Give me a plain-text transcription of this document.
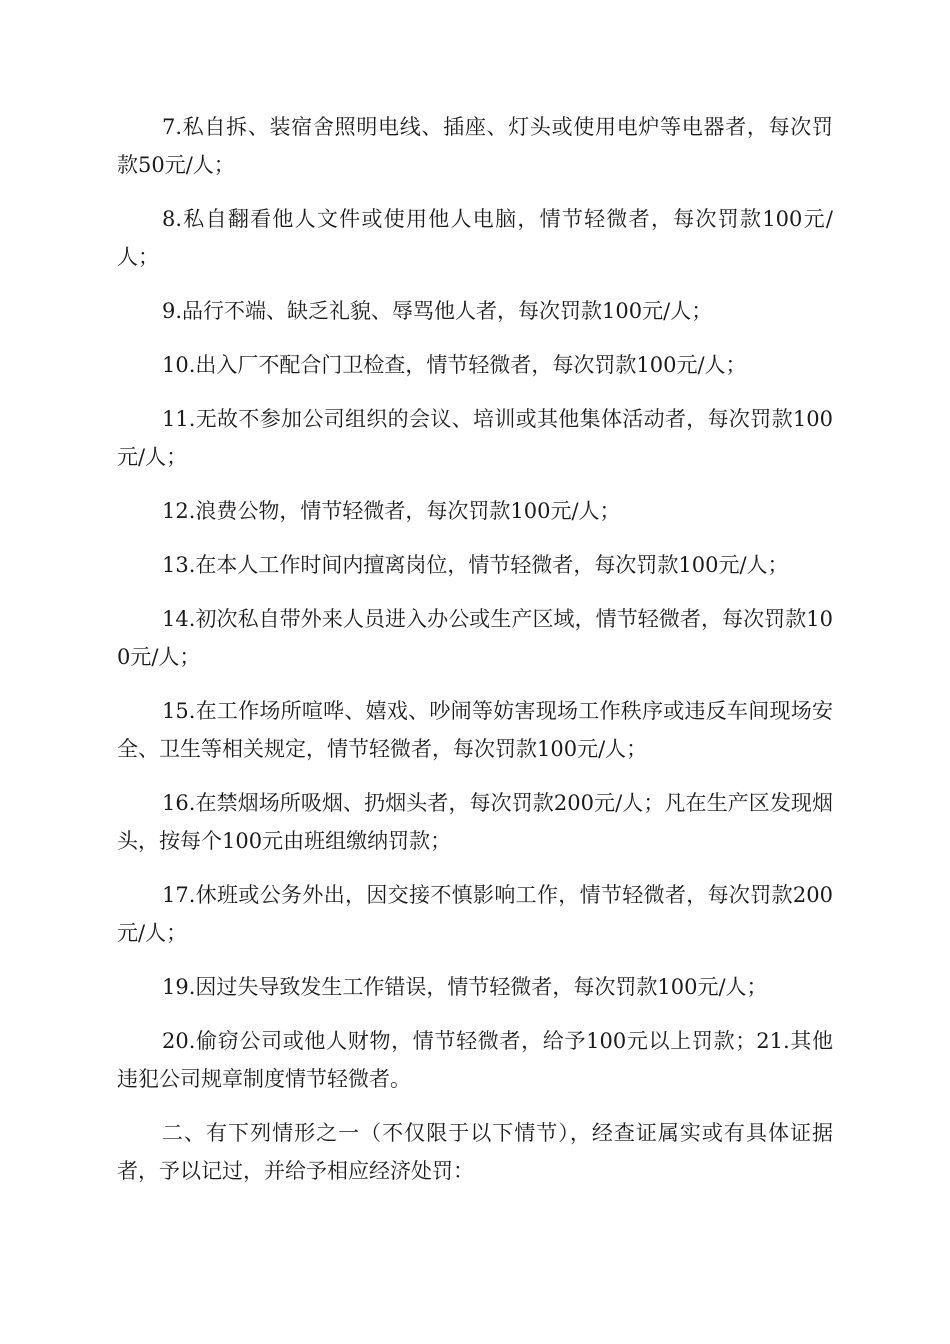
7.私自拆、装宿舍照明电线、插座、灯头或使用电炉等电器者，每次罚款50元/人；

8.私自翻看他人文件或使用他人电脑，情节轻微者，每次罚款100元/人；

9.品行不端、缺乏礼貌、辱骂他人者，每次罚款100元/人；

10.出入厂不配合门卫检查，情节轻微者，每次罚款100元/人；

11.无故不参加公司组织的会议、培训或其他集体活动者，每次罚款100元/人；

12.浪费公物，情节轻微者，每次罚款100元/人；

13.在本人工作时间内擅离岗位，情节轻微者，每次罚款100元/人；

14.初次私自带外来人员进入办公或生产区域，情节轻微者，每次罚款100元/人；

15.在工作场所喧哗、嬉戏、吵闹等妨害现场工作秩序或违反车间现场安全、卫生等相关规定，情节轻微者，每次罚款100元/人；

16.在禁烟场所吸烟、扔烟头者，每次罚款200元/人；凡在生产区发现烟头，按每个100元由班组缴纳罚款；

17.休班或公务外出，因交接不慎影响工作，情节轻微者，每次罚款200元/人；

19.因过失导致发生工作错误，情节轻微者，每次罚款100元/人；

20.偷窃公司或他人财物，情节轻微者，给予100元以上罚款；21.其他违犯公司规章制度情节轻微者。

二、有下列情形之一（不仅限于以下情节），经查证属实或有具体证据者，予以记过，并给予相应经济处罚：
